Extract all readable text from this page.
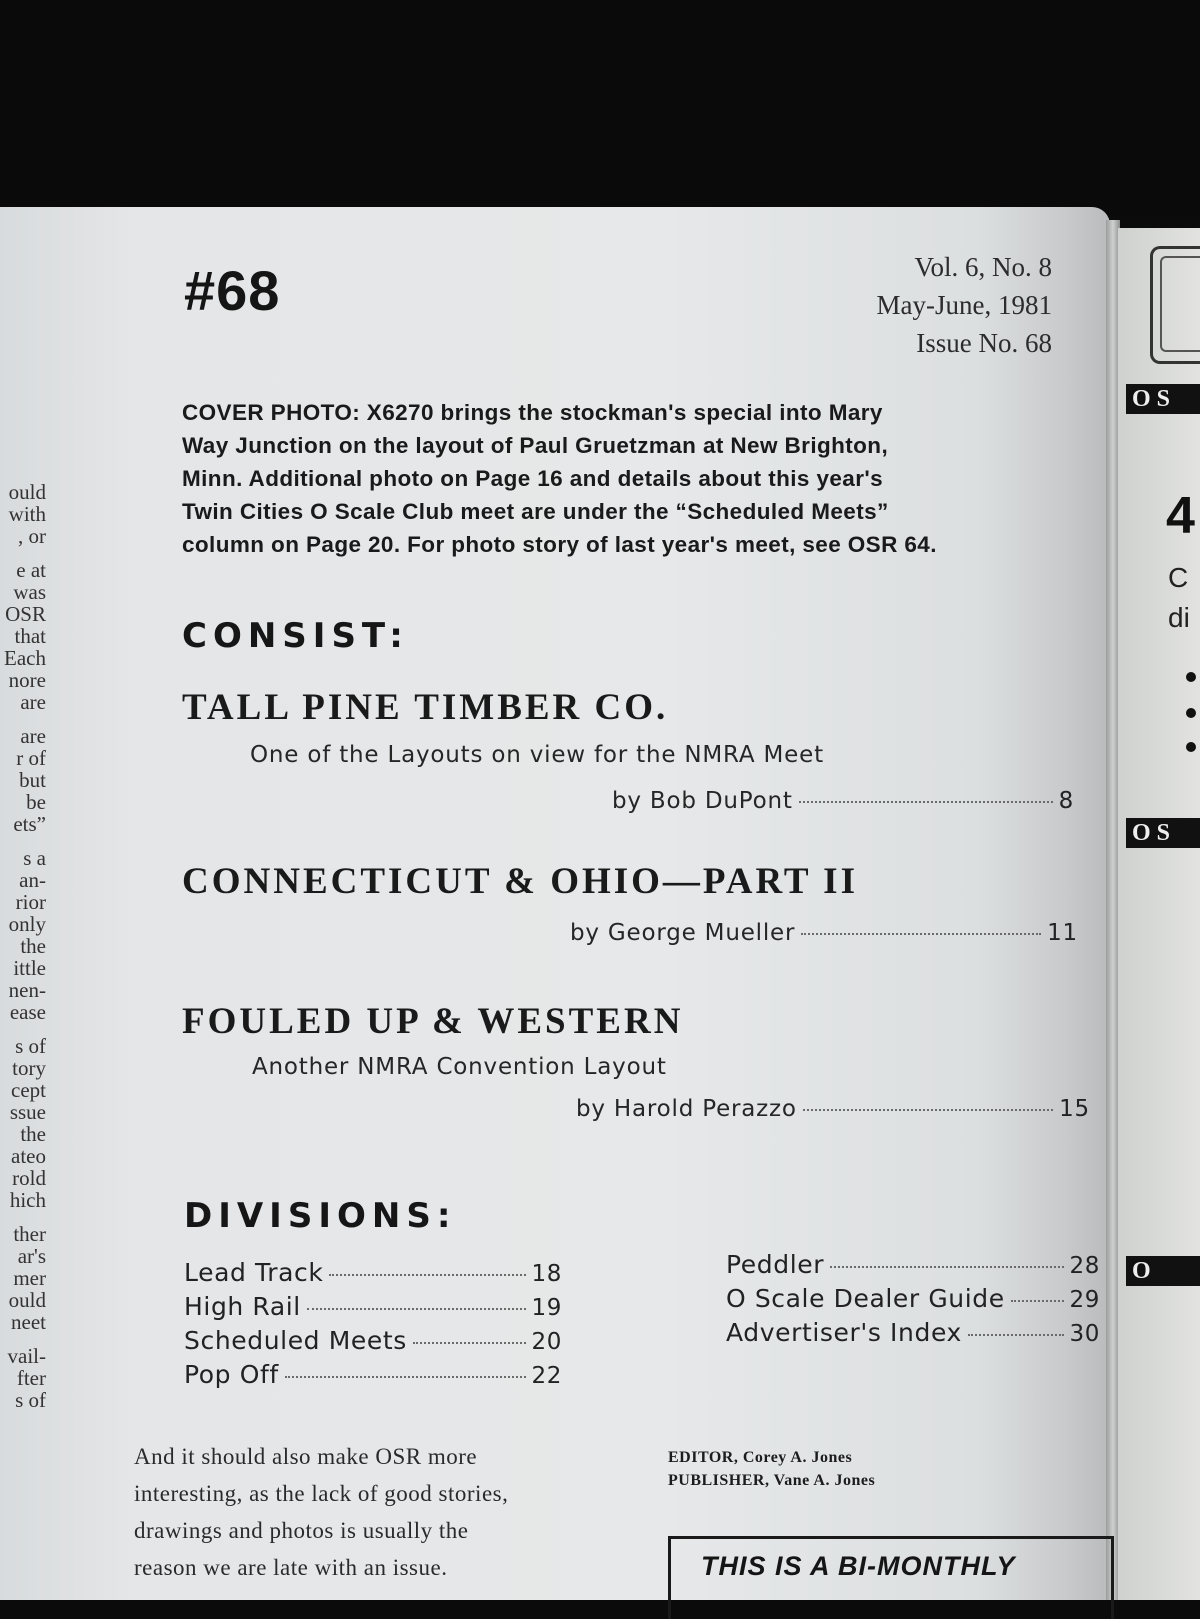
O S
O S
O
4
C
di
ould
with
, or
e at
was
OSR
that
Each
nore
are
are
r of
but
be
ets”
s a
an-
rior
only
the
ittle
nen-
ease
s of
tory
cept
ssue
the
ateo
rold
hich
ther
ar's
mer
ould
neet
vail-
fter
s of
#68	Vol. 6, No. 8
May-June, 1981
Issue No. 68
COVER PHOTO: X6270 brings the stockman's special into Mary
Way Junction on the layout of Paul Gruetzman at New Brighton,
Minn. Additional photo on Page 16 and details about this year's
Twin Cities O Scale Club meet are under the “Scheduled Meets”
column on Page 20. For photo story of last year's meet, see OSR 64.
CONSIST:
TALL PINE TIMBER CO.
One of the Layouts on view for the NMRA Meet
by Bob DuPont	8
CONNECTICUT & OHIO—PART II
by George Mueller	11
FOULED UP & WESTERN
Another NMRA Convention Layout
by Harold Perazzo	15
DIVISIONS:
Lead Track	18
High Rail	19
Scheduled Meets	20
Pop Off	22
Peddler	28
O Scale Dealer Guide	29
Advertiser's Index	30
And it should also make OSR more
interesting, as the lack of good stories,
drawings and photos is usually the
reason we are late with an issue.
EDITOR, Corey A. Jones
PUBLISHER, Vane A. Jones
THIS IS A BI-MONTHLY
